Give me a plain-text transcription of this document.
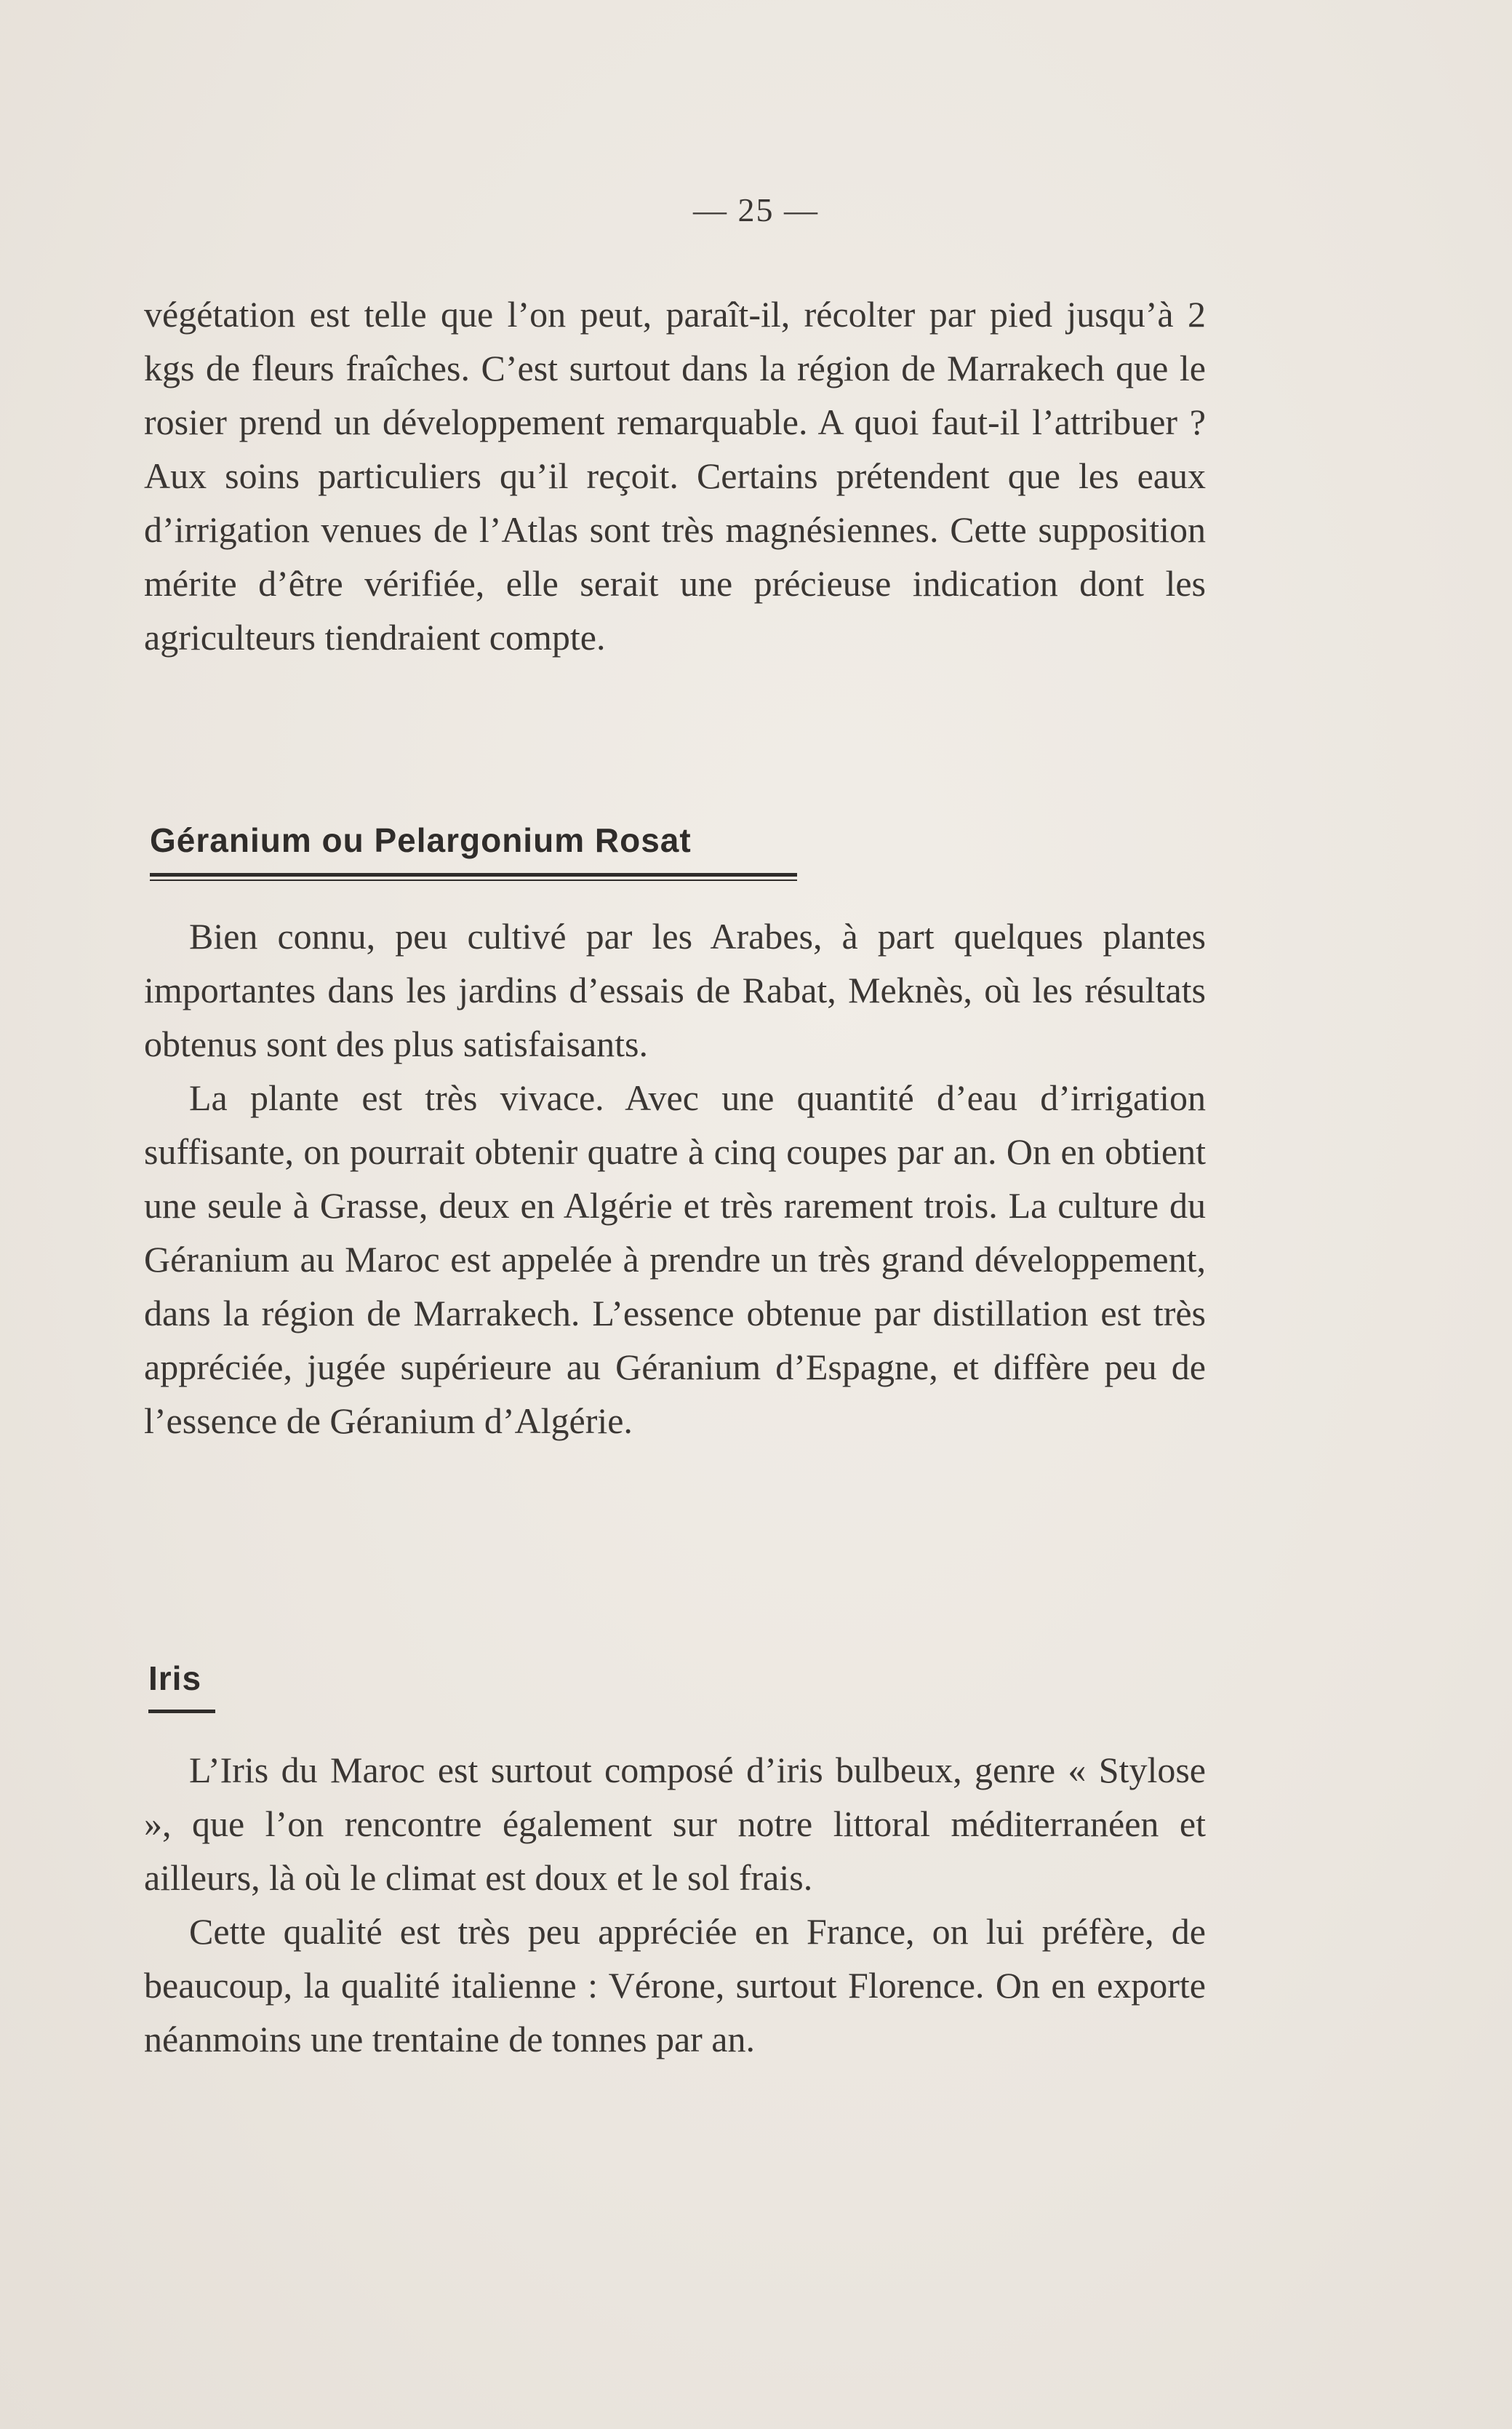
— 25 —

végétation est telle que l’on peut, paraît-il, récolter par pied jusqu’à 2 kgs de fleurs fraîches. C’est surtout dans la région de Marrakech que le rosier prend un développement remarquable. A quoi faut-il l’attribuer ? Aux soins particuliers qu’il reçoit. Certains prétendent que les eaux d’irrigation venues de l’Atlas sont très magnésiennes. Cette supposition mérite d’être vérifiée, elle serait une précieuse indication dont les agriculteurs tiendraient compte.

Géranium ou Pelargonium Rosat

Bien connu, peu cultivé par les Arabes, à part quelques plantes importantes dans les jardins d’essais de Rabat, Meknès, où les résultats obtenus sont des plus satisfaisants.

La plante est très vivace. Avec une quantité d’eau d’irrigation suffisante, on pourrait obtenir quatre à cinq coupes par an. On en obtient une seule à Grasse, deux en Algérie et très rarement trois. La culture du Géranium au Maroc est appelée à prendre un très grand développement, dans la région de Marrakech. L’essence obtenue par distillation est très appréciée, jugée supérieure au Géranium d’Espagne, et diffère peu de l’essence de Géranium d’Algérie.

Iris

L’Iris du Maroc est surtout composé d’iris bulbeux, genre « Stylose », que l’on rencontre également sur notre littoral méditerranéen et ailleurs, là où le climat est doux et le sol frais.

Cette qualité est très peu appréciée en France, on lui préfère, de beaucoup, la qualité italienne : Vérone, surtout Florence. On en exporte néanmoins une trentaine de tonnes par an.
